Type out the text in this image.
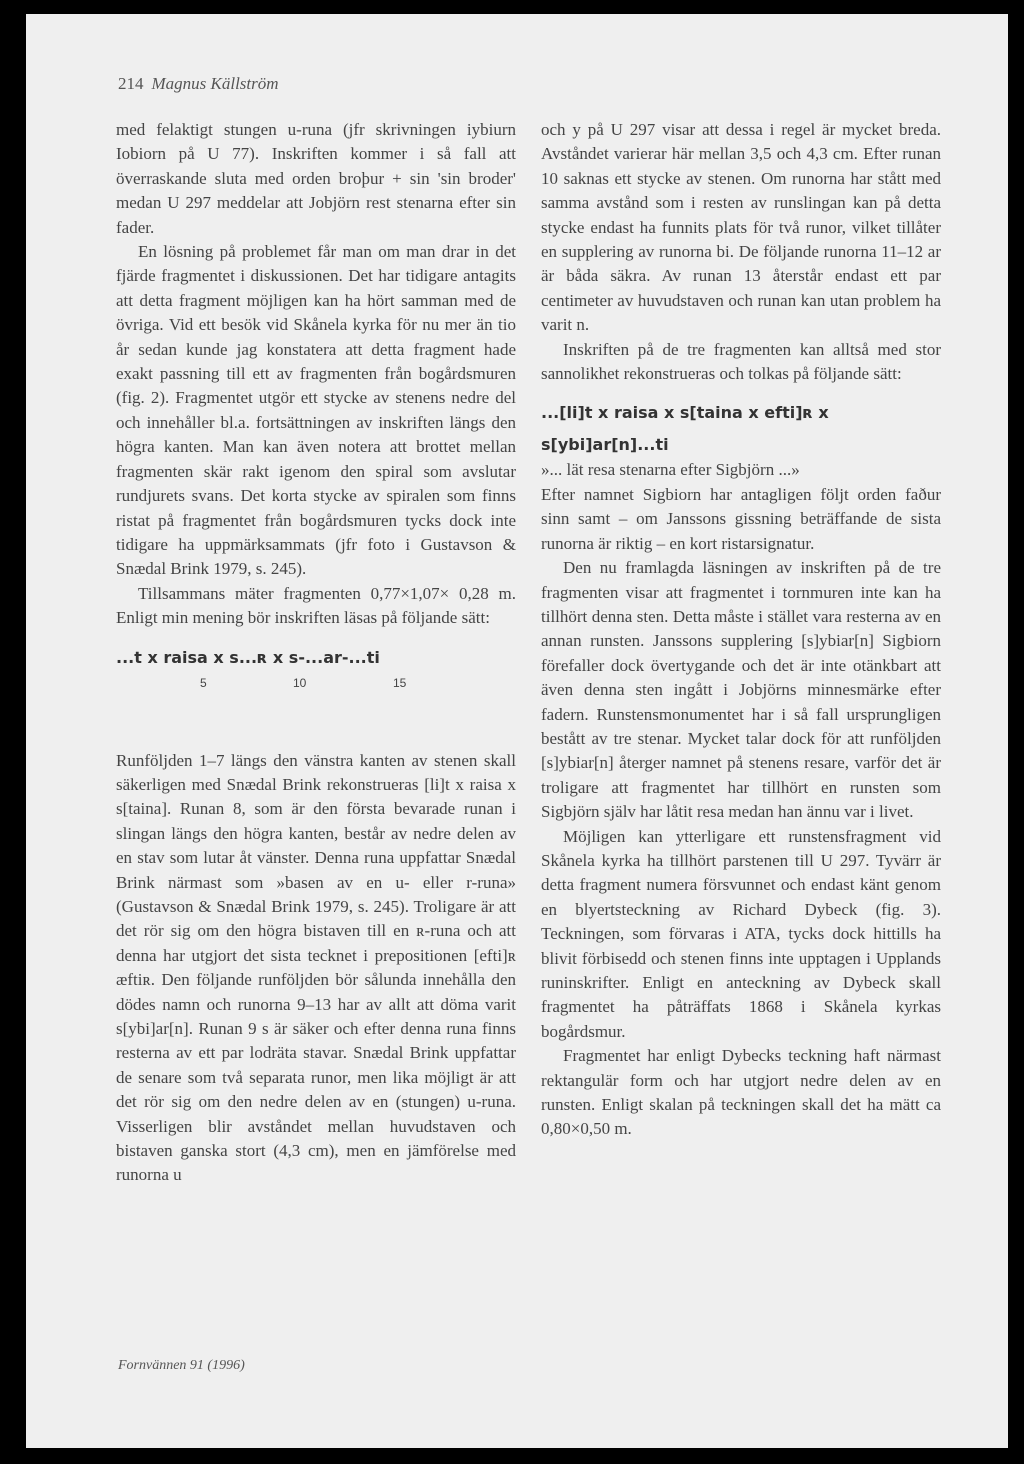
214 Magnus Källström

med felaktigt stungen u-runa (jfr skrivningen iybiurn Iobiorn på U 77). Inskriften kommer i så fall att överraskande sluta med orden broþur + sin 'sin broder' medan U 297 meddelar att Jobjörn rest stenarna efter sin fader.

En lösning på problemet får man om man drar in det fjärde fragmentet i diskussionen. Det har tidigare antagits att detta fragment möjligen kan ha hört samman med de övriga. Vid ett besök vid Skånela kyrka för nu mer än tio år sedan kunde jag konstatera att detta fragment hade exakt passning till ett av fragmenten från bogårdsmuren (fig. 2). Fragmentet utgör ett stycke av stenens nedre del och innehåller bl.a. fortsättningen av inskriften längs den högra kanten. Man kan även notera att brottet mellan fragmenten skär rakt igenom den spiral som avslutar rundjurets svans. Det korta stycke av spiralen som finns ristat på fragmentet från bogårdsmuren tycks dock inte tidigare ha uppmärksammats (jfr foto i Gustavson & Snædal Brink 1979, s. 245).

Tillsammans mäter fragmenten 0,77×1,07× 0,28 m. Enligt min mening bör inskriften läsas på följande sätt:

...t x raisa x s...ʀ x s-...ar-...ti
5	10	15

Runföljden 1–7 längs den vänstra kanten av stenen skall säkerligen med Snædal Brink rekonstrueras [li]t x raisa x s[taina]. Runan 8, som är den första bevarade runan i slingan längs den högra kanten, består av nedre delen av en stav som lutar åt vänster. Denna runa uppfattar Snædal Brink närmast som »basen av en u- eller r-runa» (Gustavson & Snædal Brink 1979, s. 245). Troligare är att det rör sig om den högra bistaven till en ʀ-runa och att denna har utgjort det sista tecknet i prepositionen [efti]ʀ æftiʀ. Den följande runföljden bör sålunda innehålla den dödes namn och runorna 9–13 har av allt att döma varit s[ybi]ar[n]. Runan 9 s är säker och efter denna runa finns resterna av ett par lodräta stavar. Snædal Brink uppfattar de senare som två separata runor, men lika möjligt är att det rör sig om den nedre delen av en (stungen) u-runa. Visserligen blir avståndet mellan huvudstaven och bistaven ganska stort (4,3 cm), men en jämförelse med runorna u

och y på U 297 visar att dessa i regel är mycket breda. Avståndet varierar här mellan 3,5 och 4,3 cm. Efter runan 10 saknas ett stycke av stenen. Om runorna har stått med samma avstånd som i resten av runslingan kan på detta stycke endast ha funnits plats för två runor, vilket tillåter en supplering av runorna bi. De följande runorna 11–12 ar är båda säkra. Av runan 13 återstår endast ett par centimeter av huvudstaven och runan kan utan problem ha varit n.

Inskriften på de tre fragmenten kan alltså med stor sannolikhet rekonstrueras och tolkas på följande sätt:

...[li]t x raisa x s[taina x efti]ʀ x
s[ybi]ar[n]...ti

»... lät resa stenarna efter Sigbjörn ...»

Efter namnet Sigbiorn har antagligen följt orden faður sinn samt – om Janssons gissning beträffande de sista runorna är riktig – en kort ristarsignatur.

Den nu framlagda läsningen av inskriften på de tre fragmenten visar att fragmentet i tornmuren inte kan ha tillhört denna sten. Detta måste i stället vara resterna av en annan runsten. Janssons supplering [s]ybiar[n] Sigbiorn förefaller dock övertygande och det är inte otänkbart att även denna sten ingått i Jobjörns minnesmärke efter fadern. Runstensmonumentet har i så fall ursprungligen bestått av tre stenar. Mycket talar dock för att runföljden [s]ybiar[n] återger namnet på stenens resare, varför det är troligare att fragmentet har tillhört en runsten som Sigbjörn själv har låtit resa medan han ännu var i livet.

Möjligen kan ytterligare ett runstensfragment vid Skånela kyrka ha tillhört parstenen till U 297. Tyvärr är detta fragment numera försvunnet och endast känt genom en blyertsteckning av Richard Dybeck (fig. 3). Teckningen, som förvaras i ATA, tycks dock hittills ha blivit förbisedd och stenen finns inte upptagen i Upplands runinskrifter. Enligt en anteckning av Dybeck skall fragmentet ha påträffats 1868 i Skånela kyrkas bogårdsmur.

Fragmentet har enligt Dybecks teckning haft närmast rektangulär form och har utgjort nedre delen av en runsten. Enligt skalan på teckningen skall det ha mätt ca 0,80×0,50 m.

Fornvännen 91 (1996)
